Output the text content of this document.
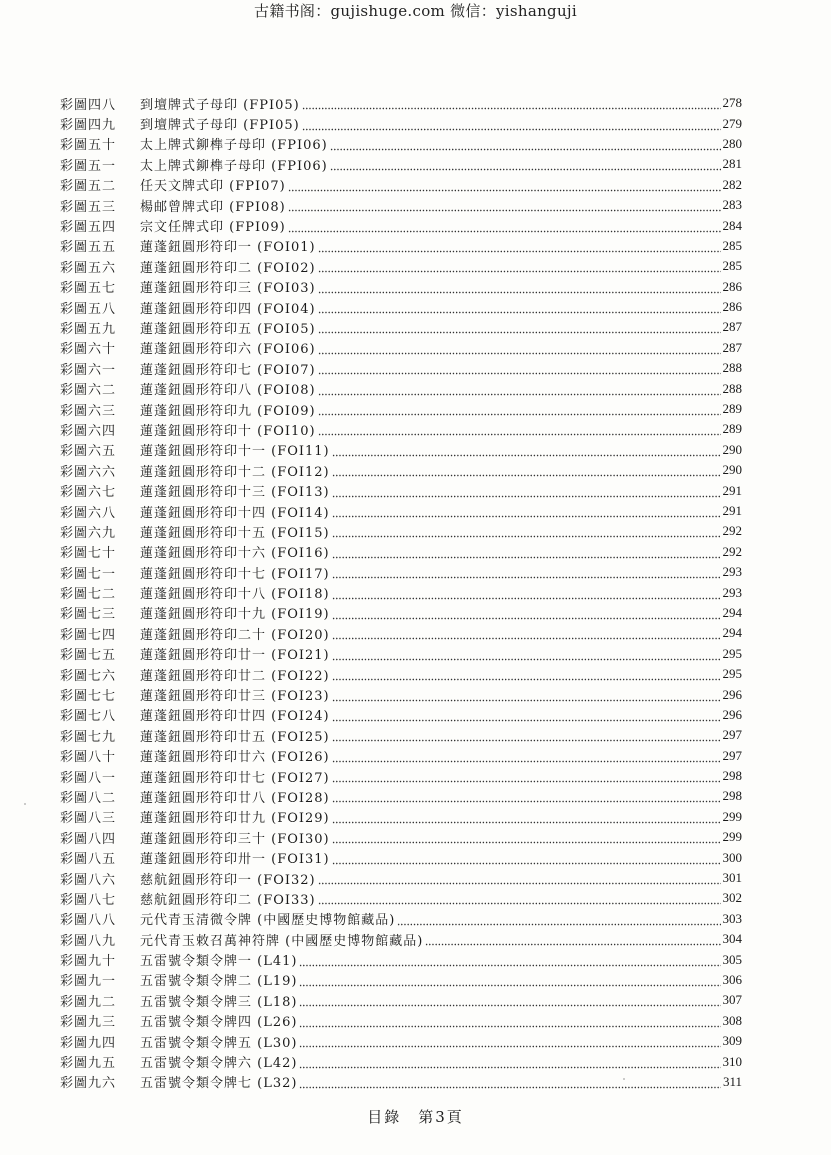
古籍书阁：gujishuge.com 微信：yishanguji
彩圖四八	到壇牌式子母印 (FPI05)	278
彩圖四九	到壇牌式子母印 (FPI05)	279
彩圖五十	太上牌式鉚榫子母印 (FPI06)	280
彩圖五一	太上牌式鉚榫子母印 (FPI06)	281
彩圖五二	任天文牌式印 (FPI07)	282
彩圖五三	楊邮曾牌式印 (FPI08)	283
彩圖五四	宗文任牌式印 (FPI09)	284
彩圖五五	蓮蓬鈕圓形符印一 (FOI01)	285
彩圖五六	蓮蓬鈕圓形符印二 (FOI02)	285
彩圖五七	蓮蓬鈕圓形符印三 (FOI03)	286
彩圖五八	蓮蓬鈕圓形符印四 (FOI04)	286
彩圖五九	蓮蓬鈕圓形符印五 (FOI05)	287
彩圖六十	蓮蓬鈕圓形符印六 (FOI06)	287
彩圖六一	蓮蓬鈕圓形符印七 (FOI07)	288
彩圖六二	蓮蓬鈕圓形符印八 (FOI08)	288
彩圖六三	蓮蓬鈕圓形符印九 (FOI09)	289
彩圖六四	蓮蓬鈕圓形符印十 (FOI10)	289
彩圖六五	蓮蓬鈕圓形符印十一 (FOI11)	290
彩圖六六	蓮蓬鈕圓形符印十二 (FOI12)	290
彩圖六七	蓮蓬鈕圓形符印十三 (FOI13)	291
彩圖六八	蓮蓬鈕圓形符印十四 (FOI14)	291
彩圖六九	蓮蓬鈕圓形符印十五 (FOI15)	292
彩圖七十	蓮蓬鈕圓形符印十六 (FOI16)	292
彩圖七一	蓮蓬鈕圓形符印十七 (FOI17)	293
彩圖七二	蓮蓬鈕圓形符印十八 (FOI18)	293
彩圖七三	蓮蓬鈕圓形符印十九 (FOI19)	294
彩圖七四	蓮蓬鈕圓形符印二十 (FOI20)	294
彩圖七五	蓮蓬鈕圓形符印廿一 (FOI21)	295
彩圖七六	蓮蓬鈕圓形符印廿二 (FOI22)	295
彩圖七七	蓮蓬鈕圓形符印廿三 (FOI23)	296
彩圖七八	蓮蓬鈕圓形符印廿四 (FOI24)	296
彩圖七九	蓮蓬鈕圓形符印廿五 (FOI25)	297
彩圖八十	蓮蓬鈕圓形符印廿六 (FOI26)	297
彩圖八一	蓮蓬鈕圓形符印廿七 (FOI27)	298
彩圖八二	蓮蓬鈕圓形符印廿八 (FOI28)	298
彩圖八三	蓮蓬鈕圓形符印廿九 (FOI29)	299
彩圖八四	蓮蓬鈕圓形符印三十 (FOI30)	299
彩圖八五	蓮蓬鈕圓形符印卅一 (FOI31)	300
彩圖八六	慈航鈕圓形符印一 (FOI32)	301
彩圖八七	慈航鈕圓形符印二 (FOI33)	302
彩圖八八	元代青玉清微令牌 (中國歷史博物館藏品)	303
彩圖八九	元代青玉敕召萬神符牌 (中國歷史博物館藏品)	304
彩圖九十	五雷號令類令牌一 (L41)	305
彩圖九一	五雷號令類令牌二 (L19)	306
彩圖九二	五雷號令類令牌三 (L18)	307
彩圖九三	五雷號令類令牌四 (L26)	308
彩圖九四	五雷號令類令牌五 (L30)	309
彩圖九五	五雷號令類令牌六 (L42)	310
彩圖九六	五雷號令類令牌七 (L32)	311
目錄　第3頁
